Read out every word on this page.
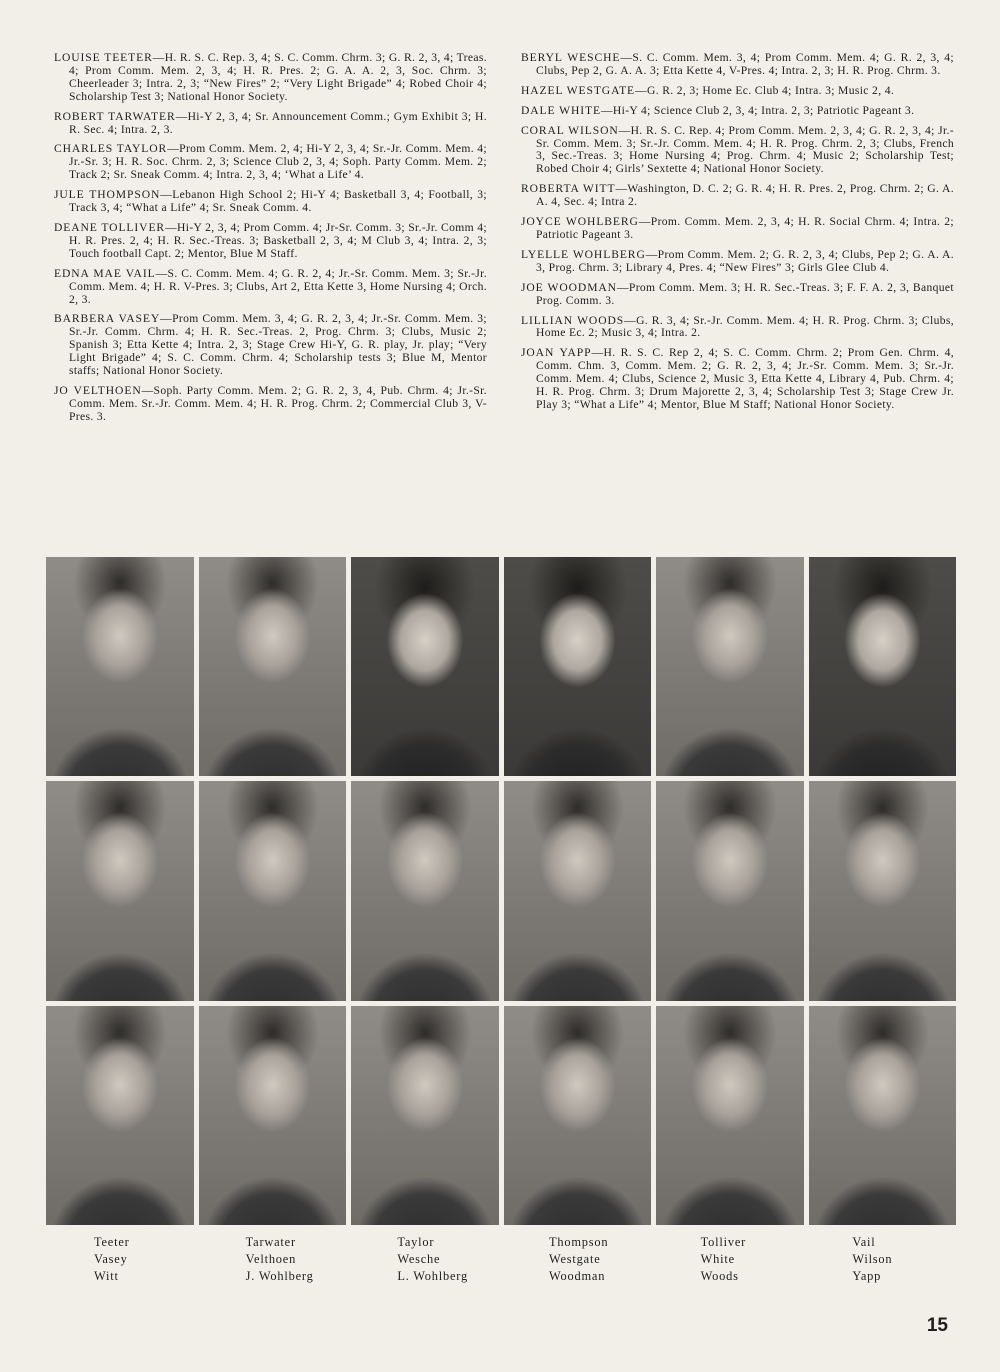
LOUISE TEETER—H. R. S. C. Rep. 3, 4; S. C. Comm. Chrm. 3; G. R. 2, 3, 4; Treas. 4; Prom Comm. Mem. 2, 3, 4; H. R. Pres. 2; G. A. A. 2, 3, Soc. Chrm. 3; Cheerleader 3; Intra. 2, 3; “New Fires” 2; “Very Light Brigade” 4; Robed Choir 4; Scholarship Test 3; National Honor Society.

ROBERT TARWATER—Hi-Y 2, 3, 4; Sr. Announcement Comm.; Gym Exhibit 3; H. R. Sec. 4; Intra. 2, 3.

CHARLES TAYLOR—Prom Comm. Mem. 2, 4; Hi-Y 2, 3, 4; Sr.-Jr. Comm. Mem. 4; Jr.-Sr. 3; H. R. Soc. Chrm. 2, 3; Science Club 2, 3, 4; Soph. Party Comm. Mem. 2; Track 2; Sr. Sneak Comm. 4; Intra. 2, 3, 4; ‘What a Life’ 4.

JULE THOMPSON—Lebanon High School 2; Hi-Y 4; Basketball 3, 4; Football, 3; Track 3, 4; “What a Life” 4; Sr. Sneak Comm. 4.

DEANE TOLLIVER—Hi-Y 2, 3, 4; Prom Comm. 4; Jr-Sr. Comm. 3; Sr.-Jr. Comm 4; H. R. Pres. 2, 4; H. R. Sec.-Treas. 3; Basketball 2, 3, 4; M Club 3, 4; Intra. 2, 3; Touch football Capt. 2; Mentor, Blue M Staff.

EDNA MAE VAIL—S. C. Comm. Mem. 4; G. R. 2, 4; Jr.-Sr. Comm. Mem. 3; Sr.-Jr. Comm. Mem. 4; H. R. V-Pres. 3; Clubs, Art 2, Etta Kette 3, Home Nursing 4; Orch. 2, 3.

BARBERA VASEY—Prom Comm. Mem. 3, 4; G. R. 2, 3, 4; Jr.-Sr. Comm. Mem. 3; Sr.-Jr. Comm. Chrm. 4; H. R. Sec.-Treas. 2, Prog. Chrm. 3; Clubs, Music 2; Spanish 3; Etta Kette 4; Intra. 2, 3; Stage Crew Hi-Y, G. R. play, Jr. play; “Very Light Brigade” 4; S. C. Comm. Chrm. 4; Scholarship tests 3; Blue M, Mentor staffs; National Honor Society.

JO VELTHOEN—Soph. Party Comm. Mem. 2; G. R. 2, 3, 4, Pub. Chrm. 4; Jr.-Sr. Comm. Mem. Sr.-Jr. Comm. Mem. 4; H. R. Prog. Chrm. 2; Commercial Club 3, V-Pres. 3.

BERYL WESCHE—S. C. Comm. Mem. 3, 4; Prom Comm. Mem. 4; G. R. 2, 3, 4; Clubs, Pep 2, G. A. A. 3; Etta Kette 4, V-Pres. 4; Intra. 2, 3; H. R. Prog. Chrm. 3.

HAZEL WESTGATE—G. R. 2, 3; Home Ec. Club 4; Intra. 3; Music 2, 4.

DALE WHITE—Hi-Y 4; Science Club 2, 3, 4; Intra. 2, 3; Patriotic Pageant 3.

CORAL WILSON—H. R. S. C. Rep. 4; Prom Comm. Mem. 2, 3, 4; G. R. 2, 3, 4; Jr.-Sr. Comm. Mem. 3; Sr.-Jr. Comm. Mem. 4; H. R. Prog. Chrm. 2, 3; Clubs, French 3, Sec.-Treas. 3; Home Nursing 4; Prog. Chrm. 4; Music 2; Scholarship Test; Robed Choir 4; Girls’ Sextette 4; National Honor Society.

ROBERTA WITT—Washington, D. C. 2; G. R. 4; H. R. Pres. 2, Prog. Chrm. 2; G. A. A. 4, Sec. 4; Intra 2.

JOYCE WOHLBERG—Prom. Comm. Mem. 2, 3, 4; H. R. Social Chrm. 4; Intra. 2; Patriotic Pageant 3.

LYELLE WOHLBERG—Prom Comm. Mem. 2; G. R. 2, 3, 4; Clubs, Pep 2; G. A. A. 3, Prog. Chrm. 3; Library 4, Pres. 4; “New Fires” 3; Girls Glee Club 4.

JOE WOODMAN—Prom Comm. Mem. 3; H. R. Sec.-Treas. 3; F. F. A. 2, 3, Banquet Prog. Comm. 3.

LILLIAN WOODS—G. R. 3, 4; Sr.-Jr. Comm. Mem. 4; H. R. Prog. Chrm. 3; Clubs, Home Ec. 2; Music 3, 4; Intra. 2.

JOAN YAPP—H. R. S. C. Rep 2, 4; S. C. Comm. Chrm. 2; Prom Gen. Chrm. 4, Comm. Chm. 3, Comm. Mem. 2; G. R. 2, 3, 4; Jr.-Sr. Comm. Mem. 3; Sr.-Jr. Comm. Mem. 4; Clubs, Science 2, Music 3, Etta Kette 4, Library 4, Pub. Chrm. 4; H. R. Prog. Chrm. 3; Drum Majorette 2, 3, 4; Scholarship Test 3; Stage Crew Jr. Play 3; “What a Life” 4; Mentor, Blue M Staff; National Honor Society.

Teeter
Vasey
Witt
Tarwater
Velthoen
J. Wohlberg
Taylor
Wesche
L. Wohlberg
Thompson
Westgate
Woodman
Tolliver
White
Woods
Vail
Wilson
Yapp
15
